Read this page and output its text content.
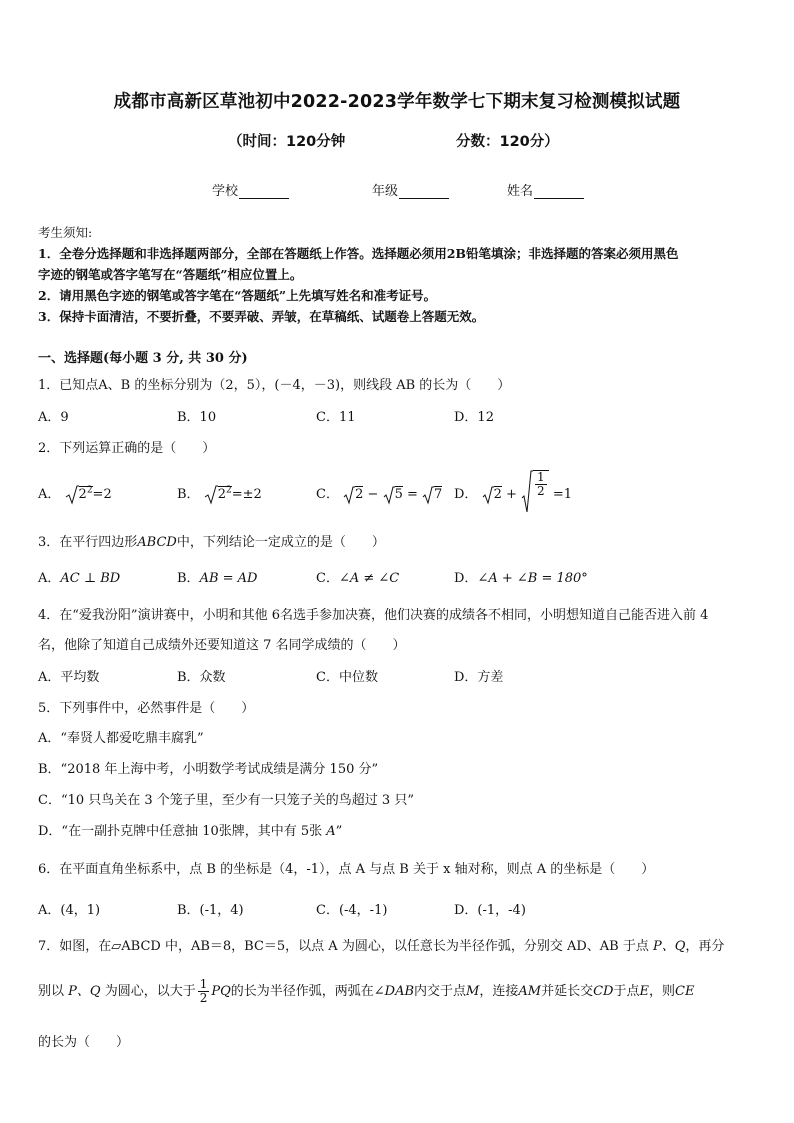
成都市高新区草池初中2022-2023学年数学七下期末复习检测模拟试题
（时间：120分钟	分数：120分）
学校	年级	姓名
考生须知:
1．全卷分选择题和非选择题两部分，全部在答题纸上作答。选择题必须用2B铅笔填涂；非选择题的答案必须用黑色
字迹的钢笔或答字笔写在“答题纸”相应位置上。
2．请用黑色字迹的钢笔或答字笔在“答题纸”上先填写姓名和准考证号。
3．保持卡面清洁，不要折叠，不要弄破、弄皱，在草稿纸、试题卷上答题无效。
一、选择题(每小题 3 分, 共 30 分)
1．已知点A、B 的坐标分别为（2，5），(－4，－3)，则线段 AB 的长为（　　）
A．9	B．10	C．11	D．12
2．下列运算正确的是（　　）
A． $2^2=2$	B． $2^2=\pm 2$	C． 2 − 5 = 7 D． $2 + \frac{1}{2} =1$
3．在平行四边形ABCD中，下列结论一定成立的是（　　）
A．AC ⊥ BD	B．AB = AD	C．∠A ≠ ∠C	D．∠A + ∠B = 180°
4．在“爱我汾阳”演讲赛中，小明和其他 6名选手参加决赛，他们决赛的成绩各不相同，小明想知道自己能否进入前 4
名，他除了知道自己成绩外还要知道这 7 名同学成绩的（　　）
A．平均数	B．众数	C．中位数	D．方差
5．下列事件中，必然事件是（　　）
A．“奉贤人都爱吃鼎丰腐乳”
B．“2018 年上海中考，小明数学考试成绩是满分 150 分”
C．“10 只鸟关在 3 个笼子里，至少有一只笼子关的鸟超过 3 只”
D．“在一副扑克牌中任意抽 10张牌，其中有 5张 A”
6．在平面直角坐标系中，点 B 的坐标是（4，-1），点 A 与点 B 关于 x 轴对称，则点 A 的坐标是（　　）
A．(4，1)	B．(-1，4)	C．(-4，-1)	D．(-1，-4)
7．如图，在▱ABCD 中，AB＝8，BC＝5，以点 A 为圆心，以任意长为半径作弧，分别交 AD、AB 于点 P、Q，再分
别以 P、Q 为圆心，以大于 $\frac{1}{2}$ PQ的长为半径作弧，两弧在∠DAB内交于点M，连接AM并延长交CD于点E，则CE
的长为（　　）
